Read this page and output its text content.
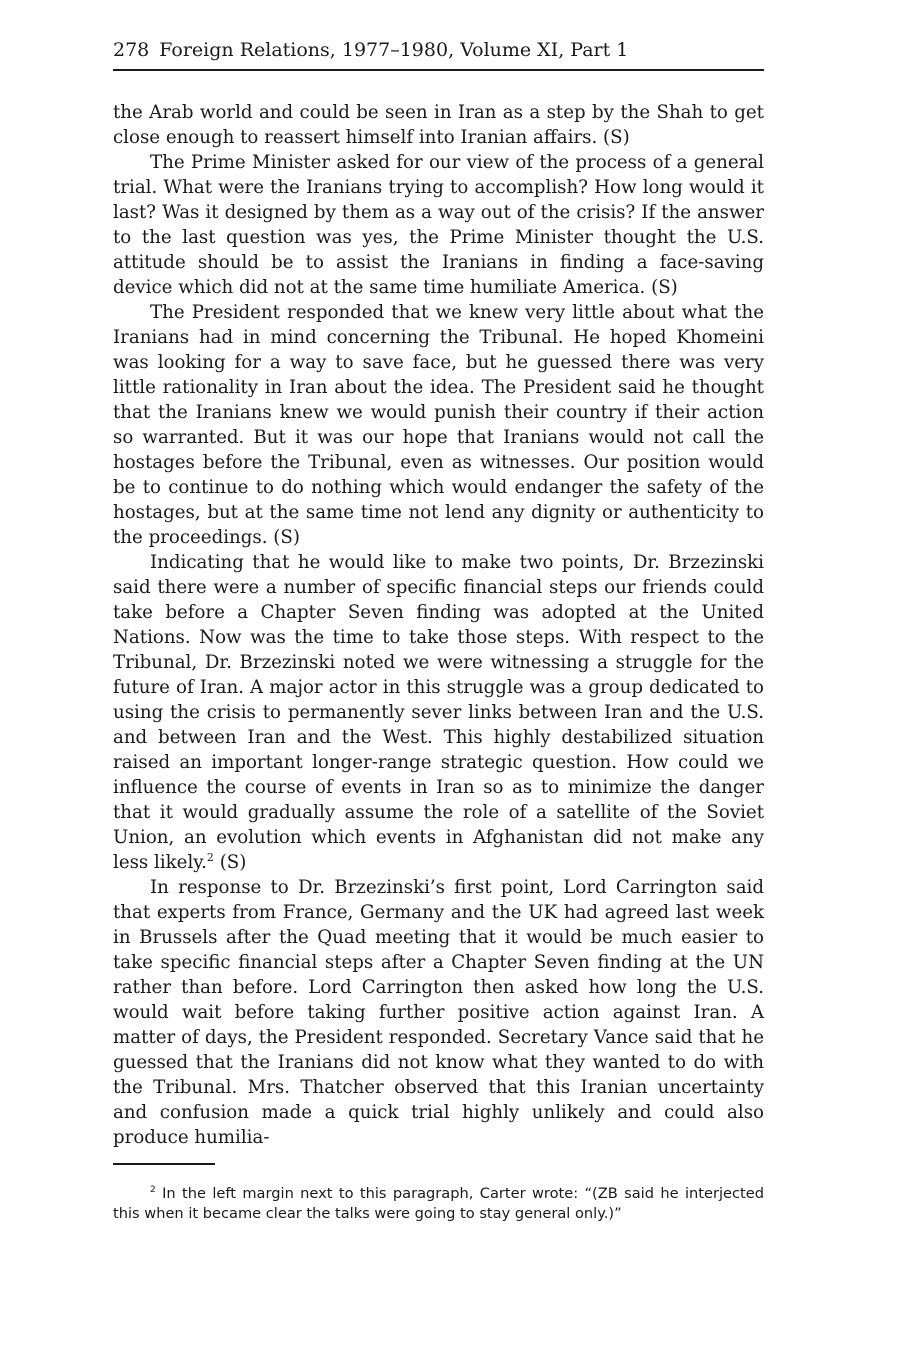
278 Foreign Relations, 1977–1980, Volume XI, Part 1

the Arab world and could be seen in Iran as a step by the Shah to get close enough to reassert himself into Iranian affairs. (S)

The Prime Minister asked for our view of the process of a general trial. What were the Iranians trying to accomplish? How long would it last? Was it designed by them as a way out of the crisis? If the answer to the last question was yes, the Prime Minister thought the U.S. attitude should be to assist the Iranians in finding a face-saving device which did not at the same time humiliate America. (S)

The President responded that we knew very little about what the Iranians had in mind concerning the Tribunal. He hoped Khomeini was looking for a way to save face, but he guessed there was very little rationality in Iran about the idea. The President said he thought that the Iranians knew we would punish their country if their action so warranted. But it was our hope that Iranians would not call the hostages before the Tribunal, even as witnesses. Our position would be to continue to do nothing which would endanger the safety of the hostages, but at the same time not lend any dignity or authenticity to the proceedings. (S)

Indicating that he would like to make two points, Dr. Brzezinski said there were a number of specific financial steps our friends could take before a Chapter Seven finding was adopted at the United Nations. Now was the time to take those steps. With respect to the Tribunal, Dr. Brzezinski noted we were witnessing a struggle for the future of Iran. A major actor in this struggle was a group dedicated to using the crisis to permanently sever links between Iran and the U.S. and between Iran and the West. This highly destabilized situation raised an important longer-range strategic question. How could we influence the course of events in Iran so as to minimize the danger that it would gradually assume the role of a satellite of the Soviet Union, an evolution which events in Afghanistan did not make any less likely.$^2$ (S)

In response to Dr. Brzezinski’s first point, Lord Carrington said that experts from France, Germany and the UK had agreed last week in Brussels after the Quad meeting that it would be much easier to take specific financial steps after a Chapter Seven finding at the UN rather than before. Lord Carrington then asked how long the U.S. would wait before taking further positive action against Iran. A matter of days, the President responded. Secretary Vance said that he guessed that the Iranians did not know what they wanted to do with the Tribunal. Mrs. Thatcher observed that this Iranian uncertainty and confusion made a quick trial highly unlikely and could also produce humilia-

$^2$ In the left margin next to this paragraph, Carter wrote: “(ZB said he interjected this when it became clear the talks were going to stay general only.)”
